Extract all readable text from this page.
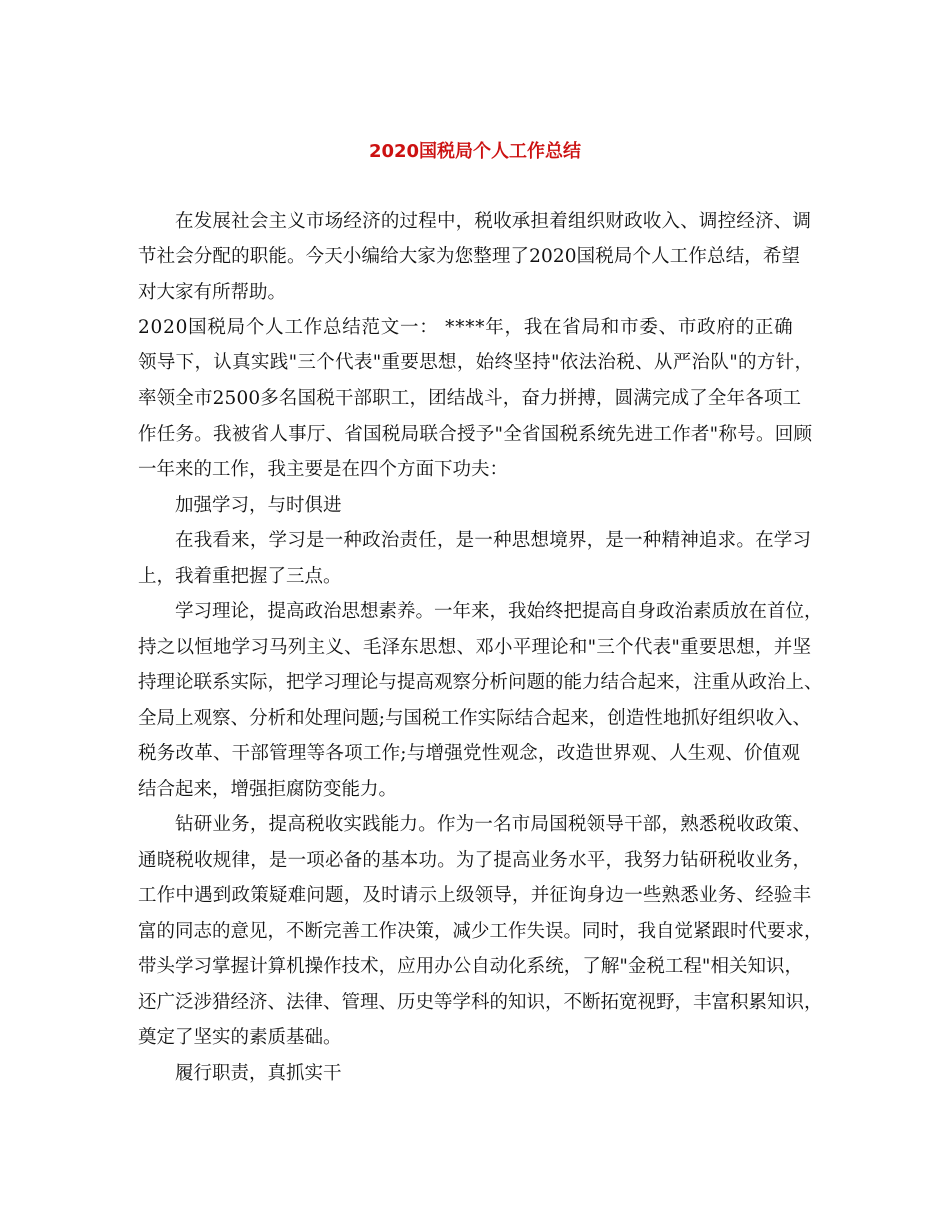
2020国税局个人工作总结
在发展社会主义市场经济的过程中，税收承担着组织财政收入、调控经济、调
节社会分配的职能。今天小编给大家为您整理了2020国税局个人工作总结，希望
对大家有所帮助。
2020国税局个人工作总结范文一： ****年，我在省局和市委、市政府的正确
领导下，认真实践"三个代表"重要思想，始终坚持"依法治税、从严治队"的方针，
率领全市2500多名国税干部职工，团结战斗，奋力拼搏，圆满完成了全年各项工
作任务。我被省人事厅、省国税局联合授予"全省国税系统先进工作者"称号。回顾
一年来的工作，我主要是在四个方面下功夫：
加强学习，与时俱进
在我看来，学习是一种政治责任，是一种思想境界，是一种精神追求。在学习
上，我着重把握了三点。
学习理论，提高政治思想素养。一年来，我始终把提高自身政治素质放在首位，
持之以恒地学习马列主义、毛泽东思想、邓小平理论和"三个代表"重要思想，并坚
持理论联系实际，把学习理论与提高观察分析问题的能力结合起来，注重从政治上、
全局上观察、分析和处理问题;与国税工作实际结合起来，创造性地抓好组织收入、
税务改革、干部管理等各项工作;与增强党性观念，改造世界观、人生观、价值观
结合起来，增强拒腐防变能力。
钻研业务，提高税收实践能力。作为一名市局国税领导干部，熟悉税收政策、
通晓税收规律，是一项必备的基本功。为了提高业务水平，我努力钻研税收业务，
工作中遇到政策疑难问题，及时请示上级领导，并征询身边一些熟悉业务、经验丰
富的同志的意见，不断完善工作决策，减少工作失误。同时，我自觉紧跟时代要求，
带头学习掌握计算机操作技术，应用办公自动化系统，了解"金税工程"相关知识，
还广泛涉猎经济、法律、管理、历史等学科的知识，不断拓宽视野，丰富积累知识，
奠定了坚实的素质基础。
履行职责，真抓实干
